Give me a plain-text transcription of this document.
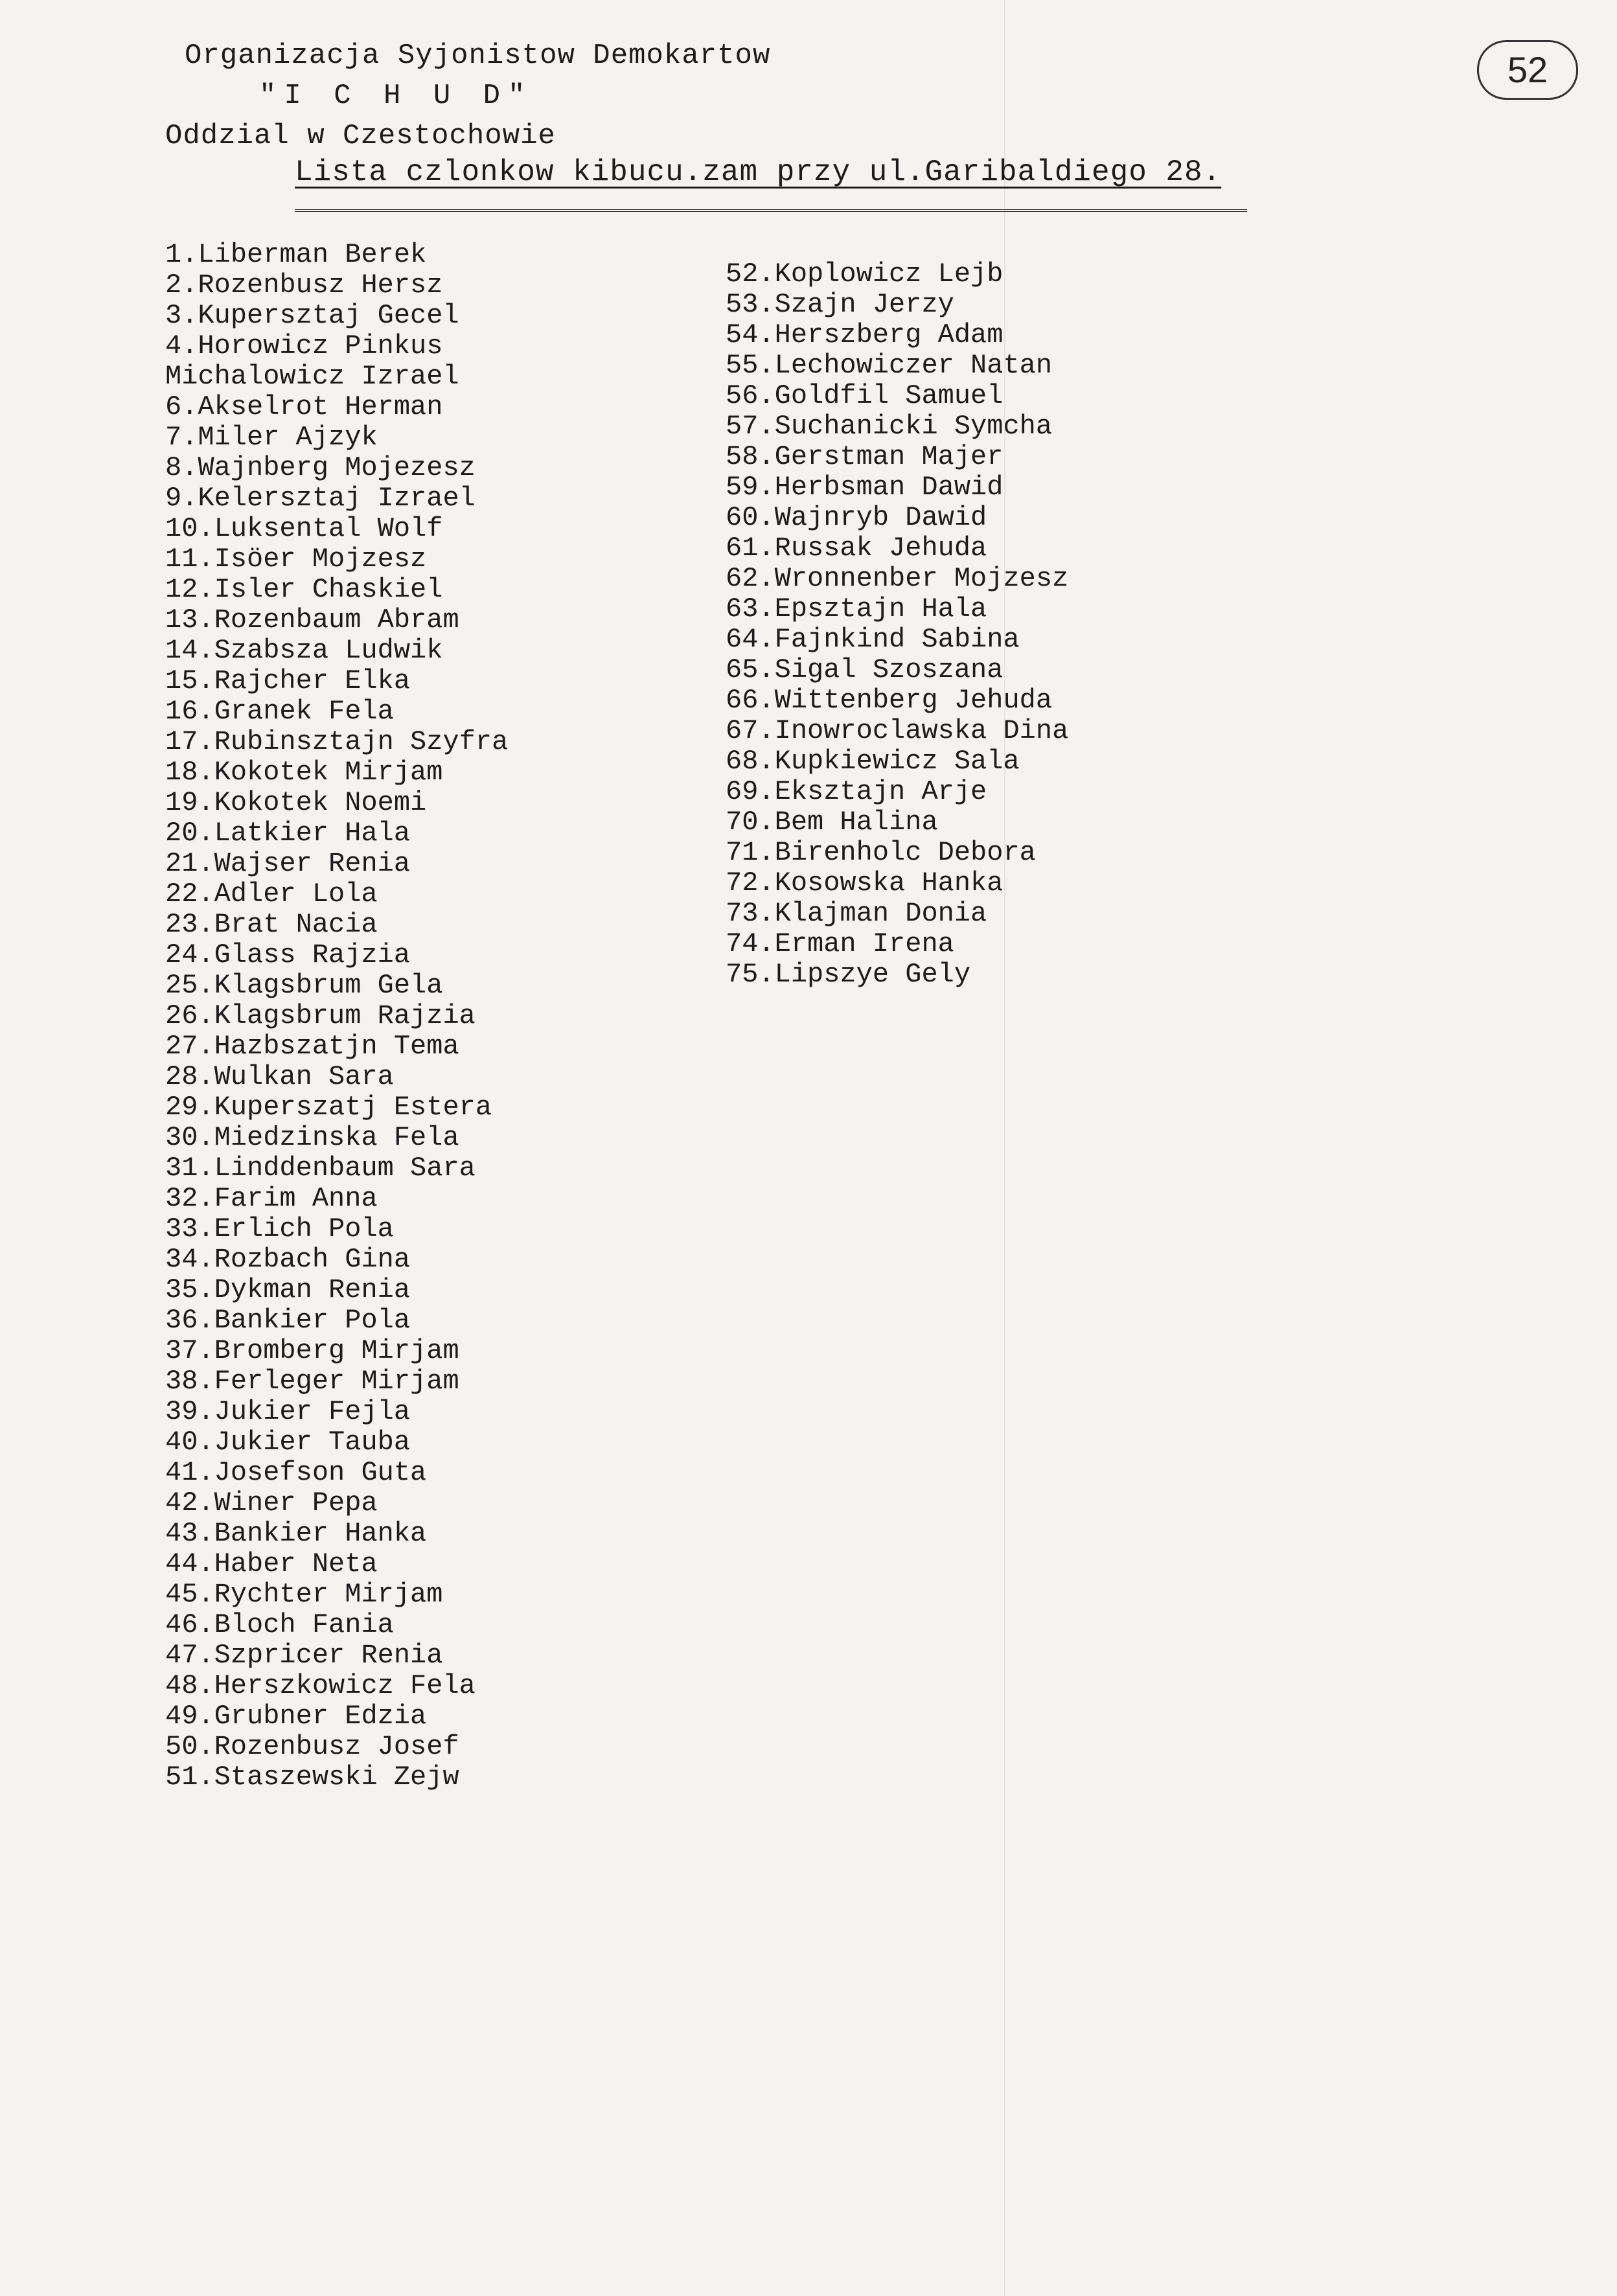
Organizacja Syjonistow Demokartow
"I C H U D"
Oddzial w Czestochowie
52
Lista czlonkow kibucu.zam przy ul.Garibaldiego 28.
1.Liberman Berek
2.Rozenbusz Hersz
3.Kupersztaj Gecel
4.Horowicz Pinkus
Michalowicz Izrael
6.Akselrot Herman
7.Miler Ajzyk
8.Wajnberg Mojezesz
9.Kelersztaj Izrael
10.Luksental Wolf
11.Isöer Mojzesz
12.Isler Chaskiel
13.Rozenbaum Abram
14.Szabsza Ludwik
15.Rajcher Elka
16.Granek Fela
17.Rubinsztajn Szyfra
18.Kokotek Mirjam
19.Kokotek Noemi
20.Latkier Hala
21.Wajser Renia
22.Adler Lola
23.Brat Nacia
24.Glass Rajzia
25.Klagsbrum Gela
26.Klagsbrum Rajzia
27.Hazbszatjn Tema
28.Wulkan Sara
29.Kuperszatj Estera
30.Miedzinska Fela
31.Linddenbaum Sara
32.Farim Anna
33.Erlich Pola
34.Rozbach Gina
35.Dykman Renia
36.Bankier Pola
37.Bromberg Mirjam
38.Ferleger Mirjam
39.Jukier Fejla
40.Jukier Tauba
41.Josefson Guta
42.Winer Pepa
43.Bankier Hanka
44.Haber Neta
45.Rychter Mirjam
46.Bloch Fania
47.Szpricer Renia
48.Herszkowicz Fela
49.Grubner Edzia
50.Rozenbusz Josef
51.Staszewski Zejw
52.Koplowicz Lejb
53.Szajn Jerzy
54.Herszberg Adam
55.Lechowiczer Natan
56.Goldfil Samuel
57.Suchanicki Symcha
58.Gerstman Majer
59.Herbsman Dawid
60.Wajnryb Dawid
61.Russak Jehuda
62.Wronnenber Mojzesz
63.Epsztajn Hala
64.Fajnkind Sabina
65.Sigal Szoszana
66.Wittenberg Jehuda
67.Inowroclawska Dina
68.Kupkiewicz Sala
69.Eksztajn Arje
70.Bem Halina
71.Birenholc Debora
72.Kosowska Hanka
73.Klajman Donia
74.Erman Irena
75.Lipszye Gely
